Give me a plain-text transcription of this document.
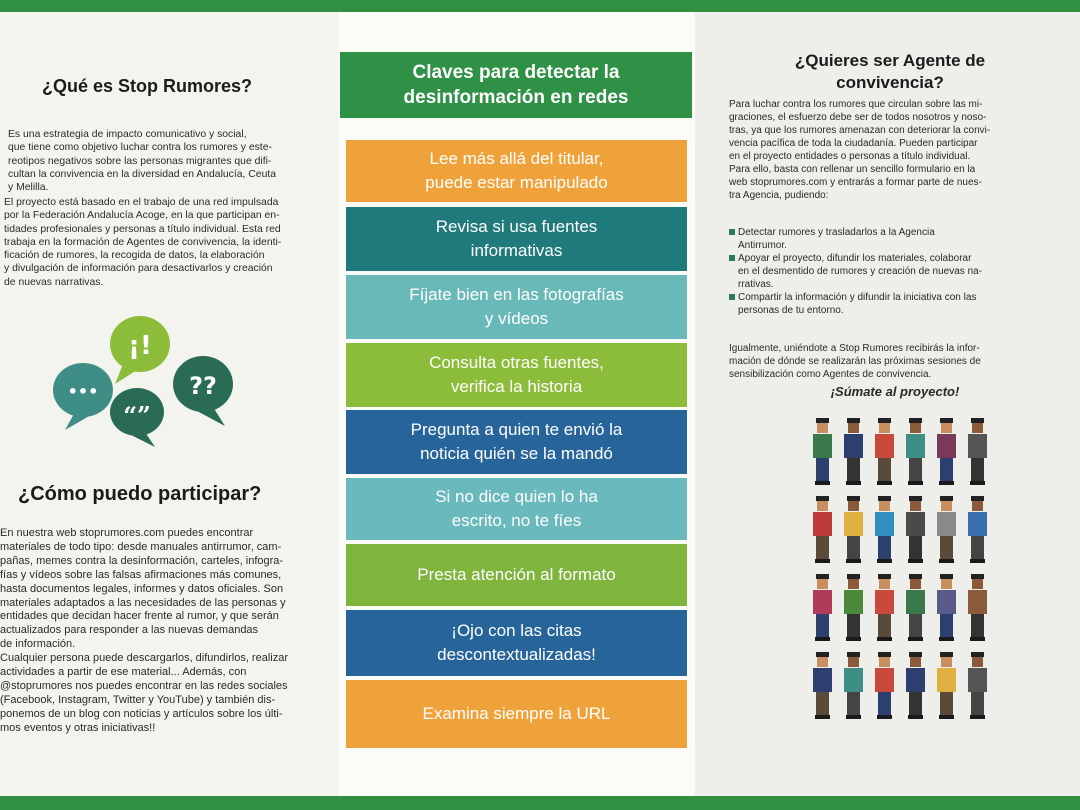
¿Qué es Stop Rumores?

Es una estrategia de impacto comunicativo y social,

que tiene como objetivo luchar contra los rumores y este-

reotipos negativos sobre las personas migrantes que difi-

cultan la convivencia en la diversidad en Andalucía, Ceuta

y Melilla.

El proyecto está basado en el trabajo de una red impulsada

por la Federación Andalucía Acoge, en la que participan en-

tidades profesionales y personas a título individual. Esta red

trabaja en la formación de Agentes de convivencia, la identi-

ficación de rumores, la recogida de datos, la elaboración

y divulgación de información para desactivarlos y creación

de nuevas narrativas.

¡!
•••
“”
??
¿Cómo puedo participar?

En nuestra web stoprumores.com puedes encontrar

materiales de todo tipo: desde manuales antirrumor, cam-

pañas, memes contra la desinformación, carteles, infogra-

fías y vídeos sobre las falsas afirmaciones más comunes,

hasta documentos legales, informes y datos oficiales. Son

materiales adaptados a las necesidades de las personas y

entidades que decidan hacer frente al rumor, y que serán

actualizados para responder a las nuevas demandas

de información.

Cualquier persona puede descargarlos, difundirlos, realizar

actividades a partir de ese material... Además, con

@stoprumores nos puedes encontrar en las redes sociales

(Facebook, Instagram, Twitter y YouTube) y también dis-

ponemos de un blog con noticias y artículos sobre los últi-

mos eventos y otras iniciativas!!

Claves para detectar la desinformación en redes
Lee más allá del titular, puede estar manipulado
Revisa si usa fuentes informativas
Fíjate bien en las fotografías y vídeos
Consulta otras fuentes, verifica la historia
Pregunta a quien te envió la noticia quién se la mandó
Si no dice quien lo ha escrito, no te fíes
Presta atención al formato
¡Ojo con las citas descontextualizadas!
Examina siempre la URL
¿Quieres ser Agente de convivencia?

Para luchar contra los rumores que circulan sobre las mi-

graciones, el esfuerzo debe ser de todos nosotros y noso-

tras, ya que los rumores amenazan con deteriorar la convi-

vencia pacífica de toda la ciudadanía. Pueden participar

en el proyecto entidades o personas a título individual.

Para ello, basta con rellenar un sencillo formulario en la

web stoprumores.com y entrarás a formar parte de nues-

tra Agencia, pudiendo:

Detectar rumores y trasladarlos a la Agencia

Antirrumor.

Apoyar el proyecto, difundir los materiales, colaborar

en el desmentido de rumores y creación de nuevas na-

rrativas.

Compartir la información y difundir la iniciativa con las

personas de tu entorno.

Igualmente, uniéndote a Stop Rumores recibirás la infor-

mación de dónde se realizarán las próximas sesiones de

sensibilización como Agentes de convivencia.

¡Súmate al proyecto!
